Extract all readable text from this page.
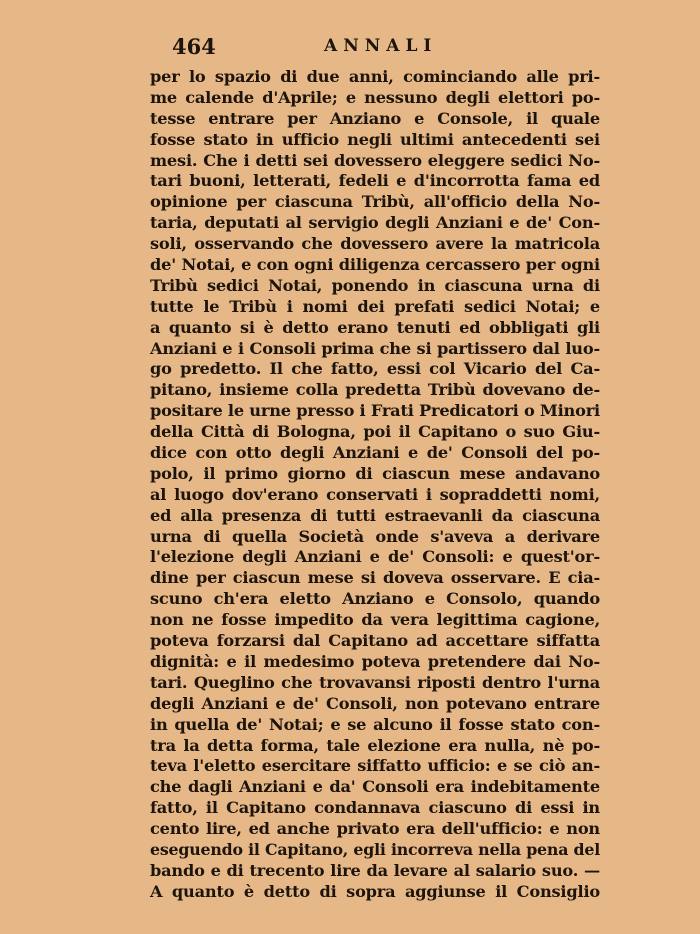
464	ANNALI
per lo spazio di due anni, cominciando alle pri-
me calende d'Aprile; e nessuno degli elettori po-
tesse entrare per Anziano e Console, il quale
fosse stato in ufficio negli ultimi antecedenti sei
mesi. Che i detti sei dovessero eleggere sedici No-
tari buoni, letterati, fedeli e d'incorrotta fama ed
opinione per ciascuna Tribù, all'officio della No-
taria, deputati al servigio degli Anziani e de' Con-
soli, osservando che dovessero avere la matricola
de' Notai, e con ogni diligenza cercassero per ogni
Tribù sedici Notai, ponendo in ciascuna urna di
tutte le Tribù i nomi dei prefati sedici Notai; e
a quanto si è detto erano tenuti ed obbligati gli
Anziani e i Consoli prima che si partissero dal luo-
go predetto. Il che fatto, essi col Vicario del Ca-
pitano, insieme colla predetta Tribù dovevano de-
positare le urne presso i Frati Predicatori o Minori
della Città di Bologna, poi il Capitano o suo Giu-
dice con otto degli Anziani e de' Consoli del po-
polo, il primo giorno di ciascun mese andavano
al luogo dov'erano conservati i sopraddetti nomi,
ed alla presenza di tutti estraevanli da ciascuna
urna di quella Società onde s'aveva a derivare
l'elezione degli Anziani e de' Consoli: e quest'or-
dine per ciascun mese si doveva osservare. E cia-
scuno ch'era eletto Anziano e Consolo, quando
non ne fosse impedito da vera legittima cagione,
poteva forzarsi dal Capitano ad accettare siffatta
dignità: e il medesimo poteva pretendere dai No-
tari. Queglino che trovavansi riposti dentro l'urna
degli Anziani e de' Consoli, non potevano entrare
in quella de' Notai; e se alcuno il fosse stato con-
tra la detta forma, tale elezione era nulla, nè po-
teva l'eletto esercitare siffatto ufficio: e se ciò an-
che dagli Anziani e da' Consoli era indebitamente
fatto, il Capitano condannava ciascuno di essi in
cento lire, ed anche privato era dell'ufficio: e non
eseguendo il Capitano, egli incorreva nella pena del
bando e di trecento lire da levare al salario suo. —
A quanto è detto di sopra aggiunse il Consiglio
